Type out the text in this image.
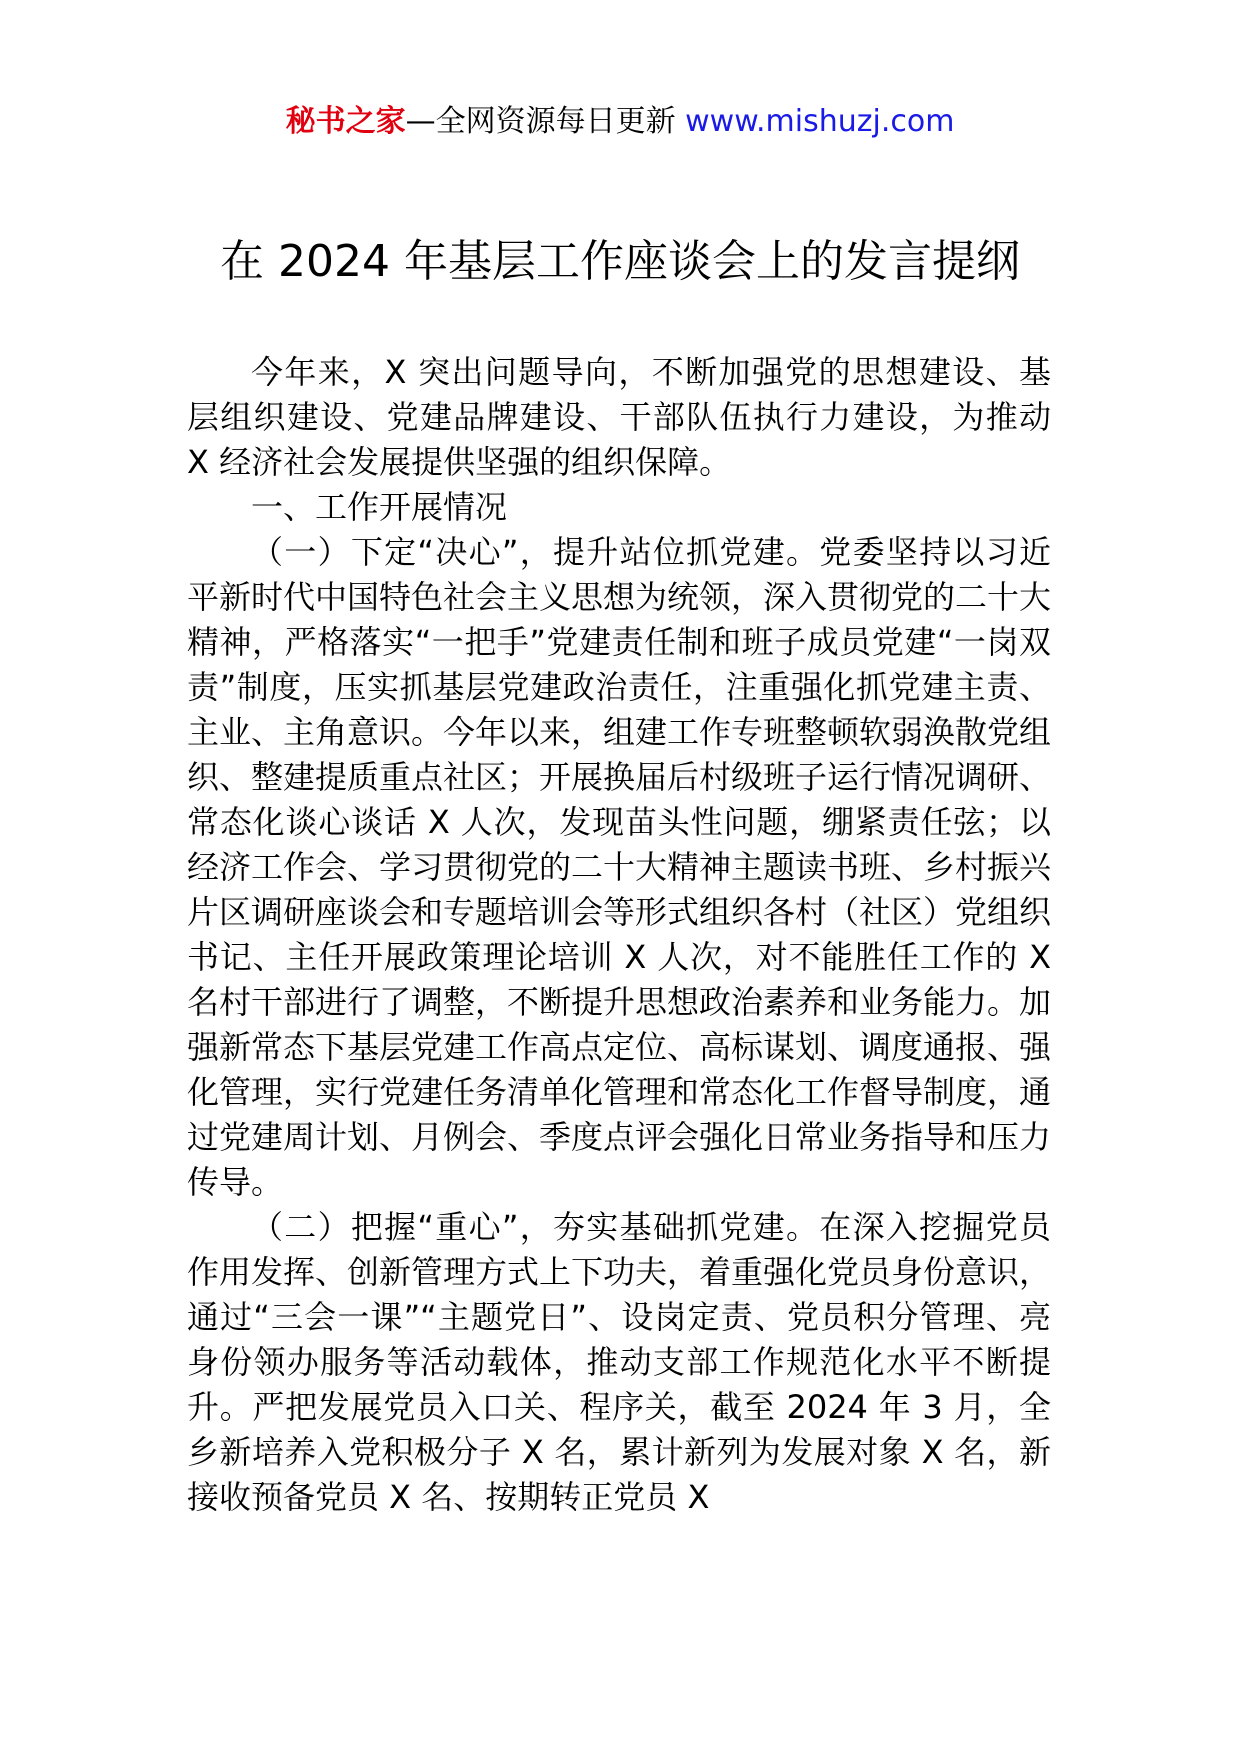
秘书之家—全网资源每日更新 www.mishuzj.com
在 2024 年基层工作座谈会上的发言提纲

今年来，X 突出问题导向，不断加强党的思想建设、基层组织建设、党建品牌建设、干部队伍执行力建设，为推动 X 经济社会发展提供坚强的组织保障。

一、工作开展情况

（一）下定“决心”，提升站位抓党建。党委坚持以习近平新时代中国特色社会主义思想为统领，深入贯彻党的二十大精神，严格落实“一把手”党建责任制和班子成员党建“一岗双责”制度，压实抓基层党建政治责任，注重强化抓党建主责、主业、主角意识。今年以来，组建工作专班整顿软弱涣散党组织、整建提质重点社区；开展换届后村级班子运行情况调研、常态化谈心谈话 X 人次，发现苗头性问题，绷紧责任弦；以经济工作会、学习贯彻党的二十大精神主题读书班、乡村振兴片区调研座谈会和专题培训会等形式组织各村（社区）党组织书记、主任开展政策理论培训 X 人次，对不能胜任工作的 X 名村干部进行了调整，不断提升思想政治素养和业务能力。加强新常态下基层党建工作高点定位、高标谋划、调度通报、强化管理，实行党建任务清单化管理和常态化工作督导制度，通过党建周计划、月例会、季度点评会强化日常业务指导和压力传导。

（二）把握“重心”，夯实基础抓党建。在深入挖掘党员作用发挥、创新管理方式上下功夫，着重强化党员身份意识，通过“三会一课”“主题党日”、设岗定责、党员积分管理、亮身份领办服务等活动载体，推动支部工作规范化水平不断提升。严把发展党员入口关、程序关，截至 2024 年 3 月，全乡新培养入党积极分子 X 名，累计新列为发展对象 X 名，新接收预备党员 X 名、按期转正党员 X
